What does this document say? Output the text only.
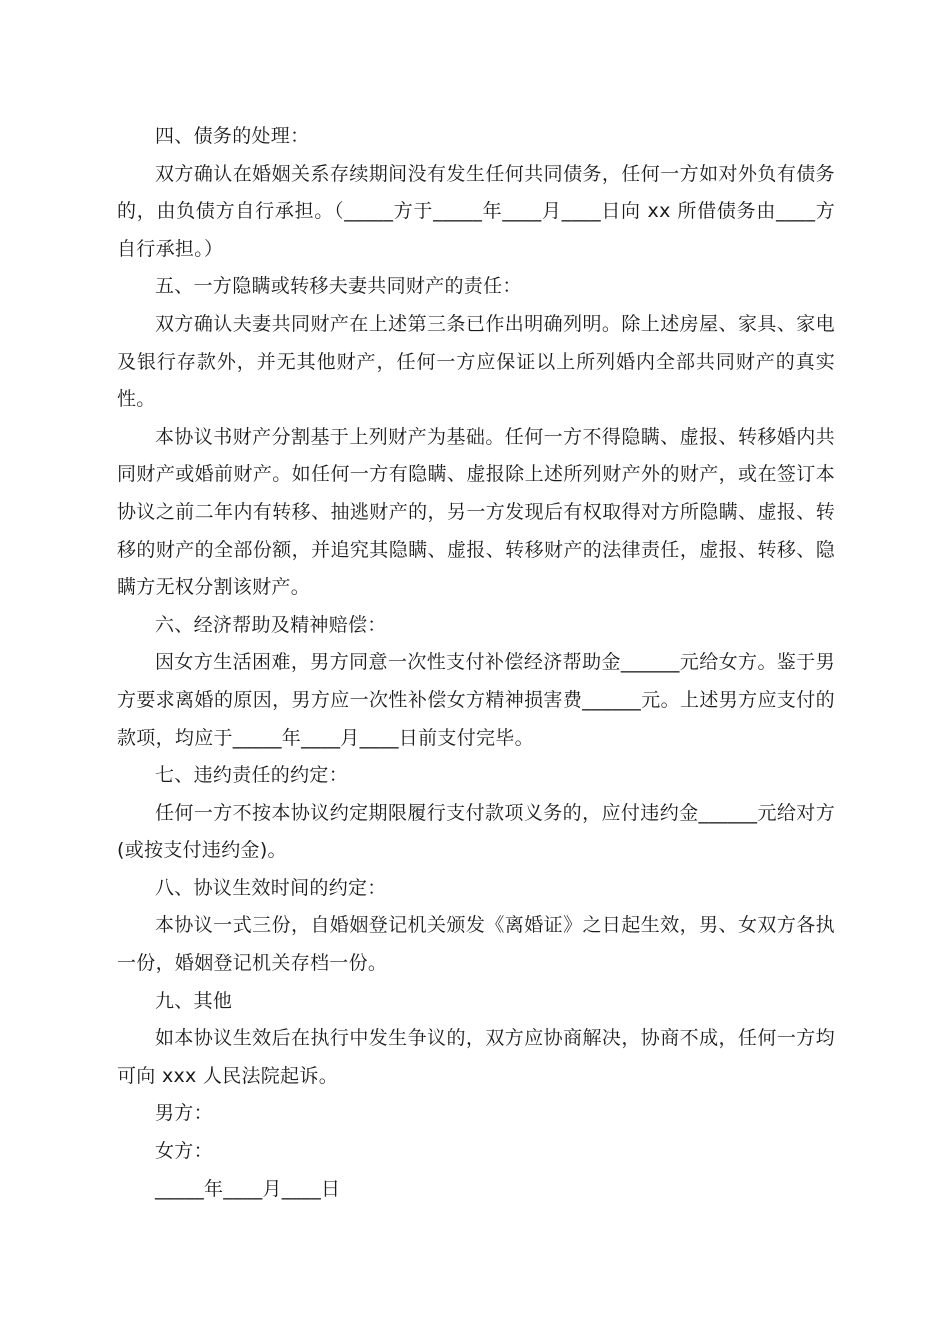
四、债务的处理：

双方确认在婚姻关系存续期间没有发生任何共同债务，任何一方如对外负有债务的，由负债方自行承担。（_____方于_____年____月____日向 xx 所借债务由____方自行承担。）

五、一方隐瞒或转移夫妻共同财产的责任：

双方确认夫妻共同财产在上述第三条已作出明确列明。除上述房屋、家具、家电及银行存款外，并无其他财产，任何一方应保证以上所列婚内全部共同财产的真实性。

本协议书财产分割基于上列财产为基础。任何一方不得隐瞒、虚报、转移婚内共同财产或婚前财产。如任何一方有隐瞒、虚报除上述所列财产外的财产，或在签订本协议之前二年内有转移、抽逃财产的，另一方发现后有权取得对方所隐瞒、虚报、转移的财产的全部份额，并追究其隐瞒、虚报、转移财产的法律责任，虚报、转移、隐瞒方无权分割该财产。

六、经济帮助及精神赔偿：

因女方生活困难，男方同意一次性支付补偿经济帮助金______元给女方。鉴于男方要求离婚的原因，男方应一次性补偿女方精神损害费______元。上述男方应支付的款项，均应于_____年____月____日前支付完毕。

七、违约责任的约定：

任何一方不按本协议约定期限履行支付款项义务的，应付违约金______元给对方(或按支付违约金)。

八、协议生效时间的约定：

本协议一式三份，自婚姻登记机关颁发《离婚证》之日起生效，男、女双方各执一份，婚姻登记机关存档一份。

九、其他

如本协议生效后在执行中发生争议的，双方应协商解决，协商不成，任何一方均可向 xxx 人民法院起诉。

男方：

女方：

_____年____月____日
